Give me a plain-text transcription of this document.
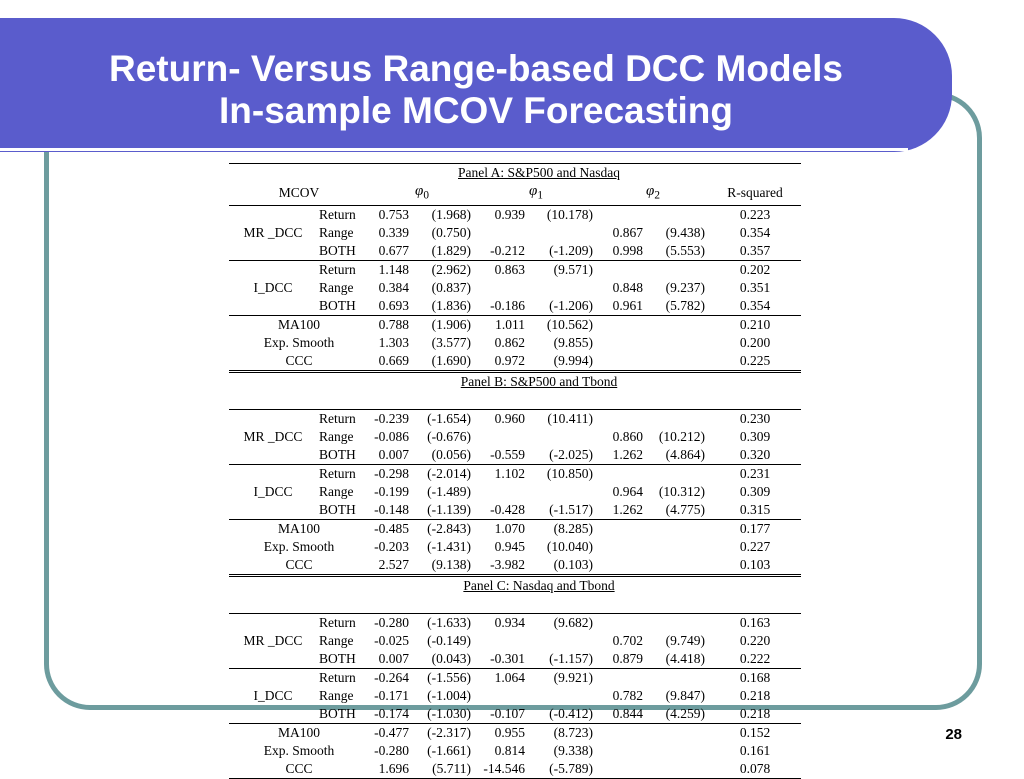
Return- Versus Range-based DCC Models
In-sample MCOV Forecasting
		Panel A: S&P500 and Nasdaq						
MCOV		$\varphi_0$		$\varphi_1$		$\varphi_2$		R-squared
MR _DCC	Return	0.753	(1.968)	0.939	(10.178)			0.223
	Range	0.339	(0.750)			0.867	(9.438)	0.354
	BOTH	0.677	(1.829)	-0.212	(-1.209)	0.998	(5.553)	0.357
I_DCC	Return	1.148	(2.962)	0.863	(9.571)			0.202
	Range	0.384	(0.837)			0.848	(9.237)	0.351
	BOTH	0.693	(1.836)	-0.186	(-1.206)	0.961	(5.782)	0.354
MA100		0.788	(1.906)	1.011	(10.562)			0.210
Exp. Smooth		1.303	(3.577)	0.862	(9.855)			0.200
CCC		0.669	(1.690)	0.972	(9.994)			0.225
		Panel B: S&P500 and Tbond						

MR _DCC	Return	-0.239	(-1.654)	0.960	(10.411)			0.230
	Range	-0.086	(-0.676)			0.860	(10.212)	0.309
	BOTH	0.007	(0.056)	-0.559	(-2.025)	1.262	(4.864)	0.320
I_DCC	Return	-0.298	(-2.014)	1.102	(10.850)			0.231
	Range	-0.199	(-1.489)			0.964	(10.312)	0.309
	BOTH	-0.148	(-1.139)	-0.428	(-1.517)	1.262	(4.775)	0.315
MA100		-0.485	(-2.843)	1.070	(8.285)			0.177
Exp. Smooth		-0.203	(-1.431)	0.945	(10.040)			0.227
CCC		2.527	(9.138)	-3.982	(0.103)			0.103
		Panel C: Nasdaq and Tbond						

MR _DCC	Return	-0.280	(-1.633)	0.934	(9.682)			0.163
	Range	-0.025	(-0.149)			0.702	(9.749)	0.220
	BOTH	0.007	(0.043)	-0.301	(-1.157)	0.879	(4.418)	0.222
I_DCC	Return	-0.264	(-1.556)	1.064	(9.921)			0.168
	Range	-0.171	(-1.004)			0.782	(9.847)	0.218
	BOTH	-0.174	(-1.030)	-0.107	(-0.412)	0.844	(4.259)	0.218
MA100		-0.477	(-2.317)	0.955	(8.723)			0.152
Exp. Smooth		-0.280	(-1.661)	0.814	(9.338)			0.161
CCC		1.696	(5.711)	-14.546	(-5.789)			0.078
28
